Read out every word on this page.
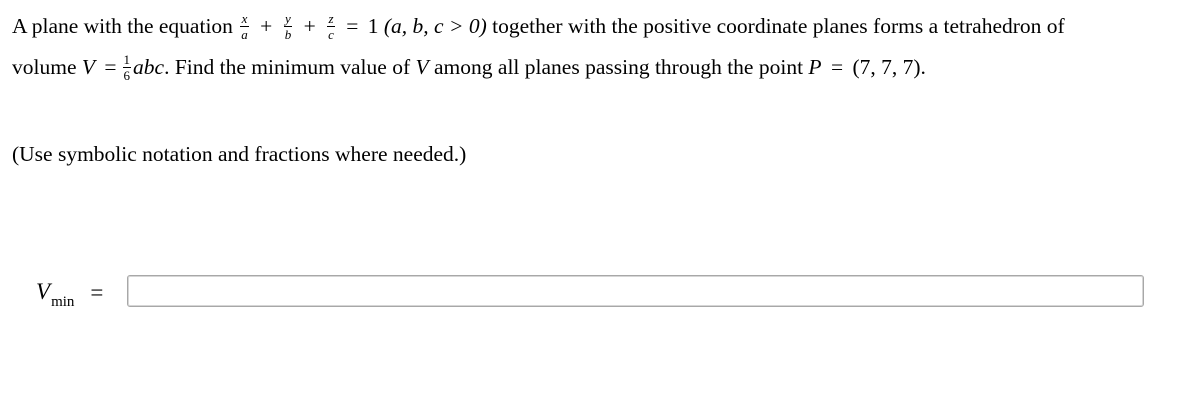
A plane with the equation $\frac{x}{a} + \frac{y}{b} + \frac{z}{c} = 1$ (a, b, c > 0) together with the positive coordinate planes forms a tetrahedron of
volume $V = \frac{1}{6}$ abc. Find the minimum value of V among all planes passing through the point P = (7, 7, 7).
(Use symbolic notation and fractions where needed.)
$V_{min}$ =
